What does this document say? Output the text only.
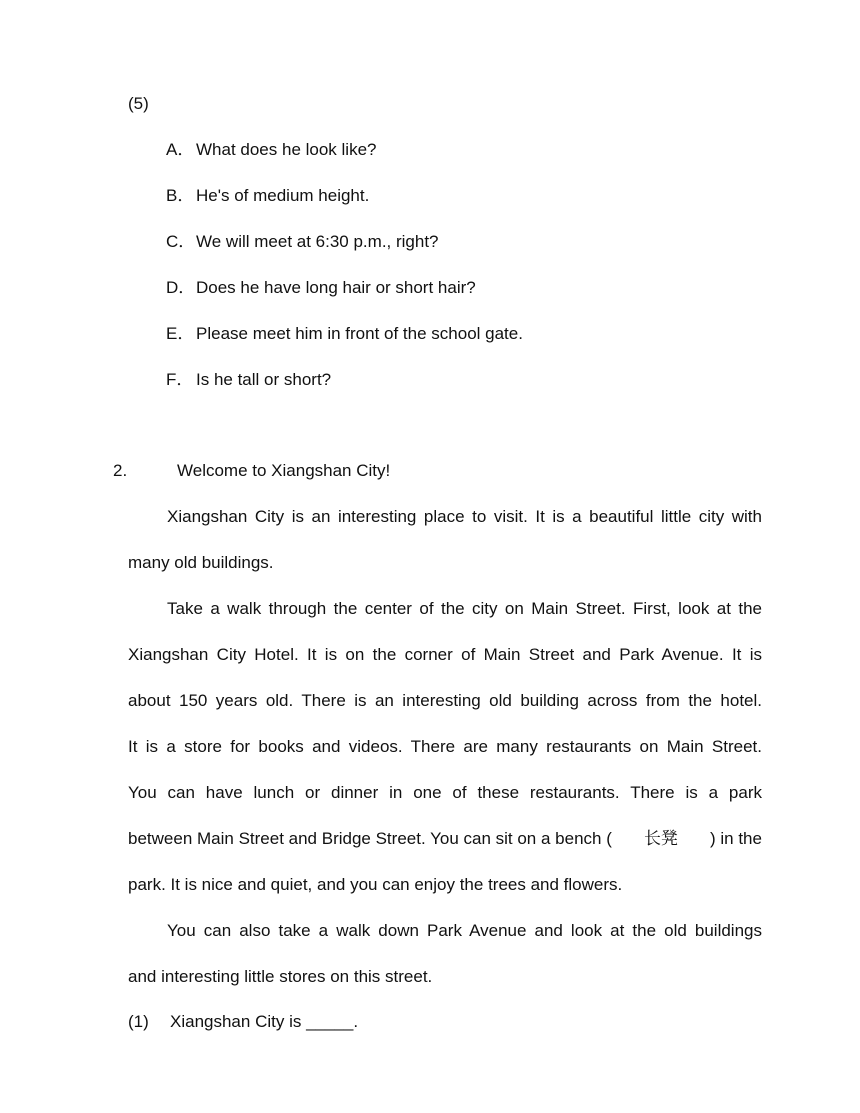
(5)
A．What does he look like?
B．He's of medium height.
C．We will meet at 6:30 p.m., right?
D．Does he have long hair or short hair?
E．Please meet him in front of the school gate.
F． Is he tall or short?
2.	Welcome to Xiangshan City!
Xiangshan City is an interesting place to visit. It is a beautiful little city with
many old buildings.
Take a walk through the center of the city on Main Street. First, look at the
Xiangshan City Hotel. It is on the corner of Main Street and Park Avenue. It is
about 150 years old. There is an interesting old building across from the hotel.
It is a store for books and videos. There are many restaurants on Main Street.
You can have lunch or dinner in one of these restaurants. There is a park
between Main Street and Bridge Street. You can sit on a bench ( 长凳 ) in the
park. It is nice and quiet, and you can enjoy the trees and flowers.
You can also take a walk down Park Avenue and look at the old buildings
and interesting little stores on this street.
(1) Xiangshan City is _____.
